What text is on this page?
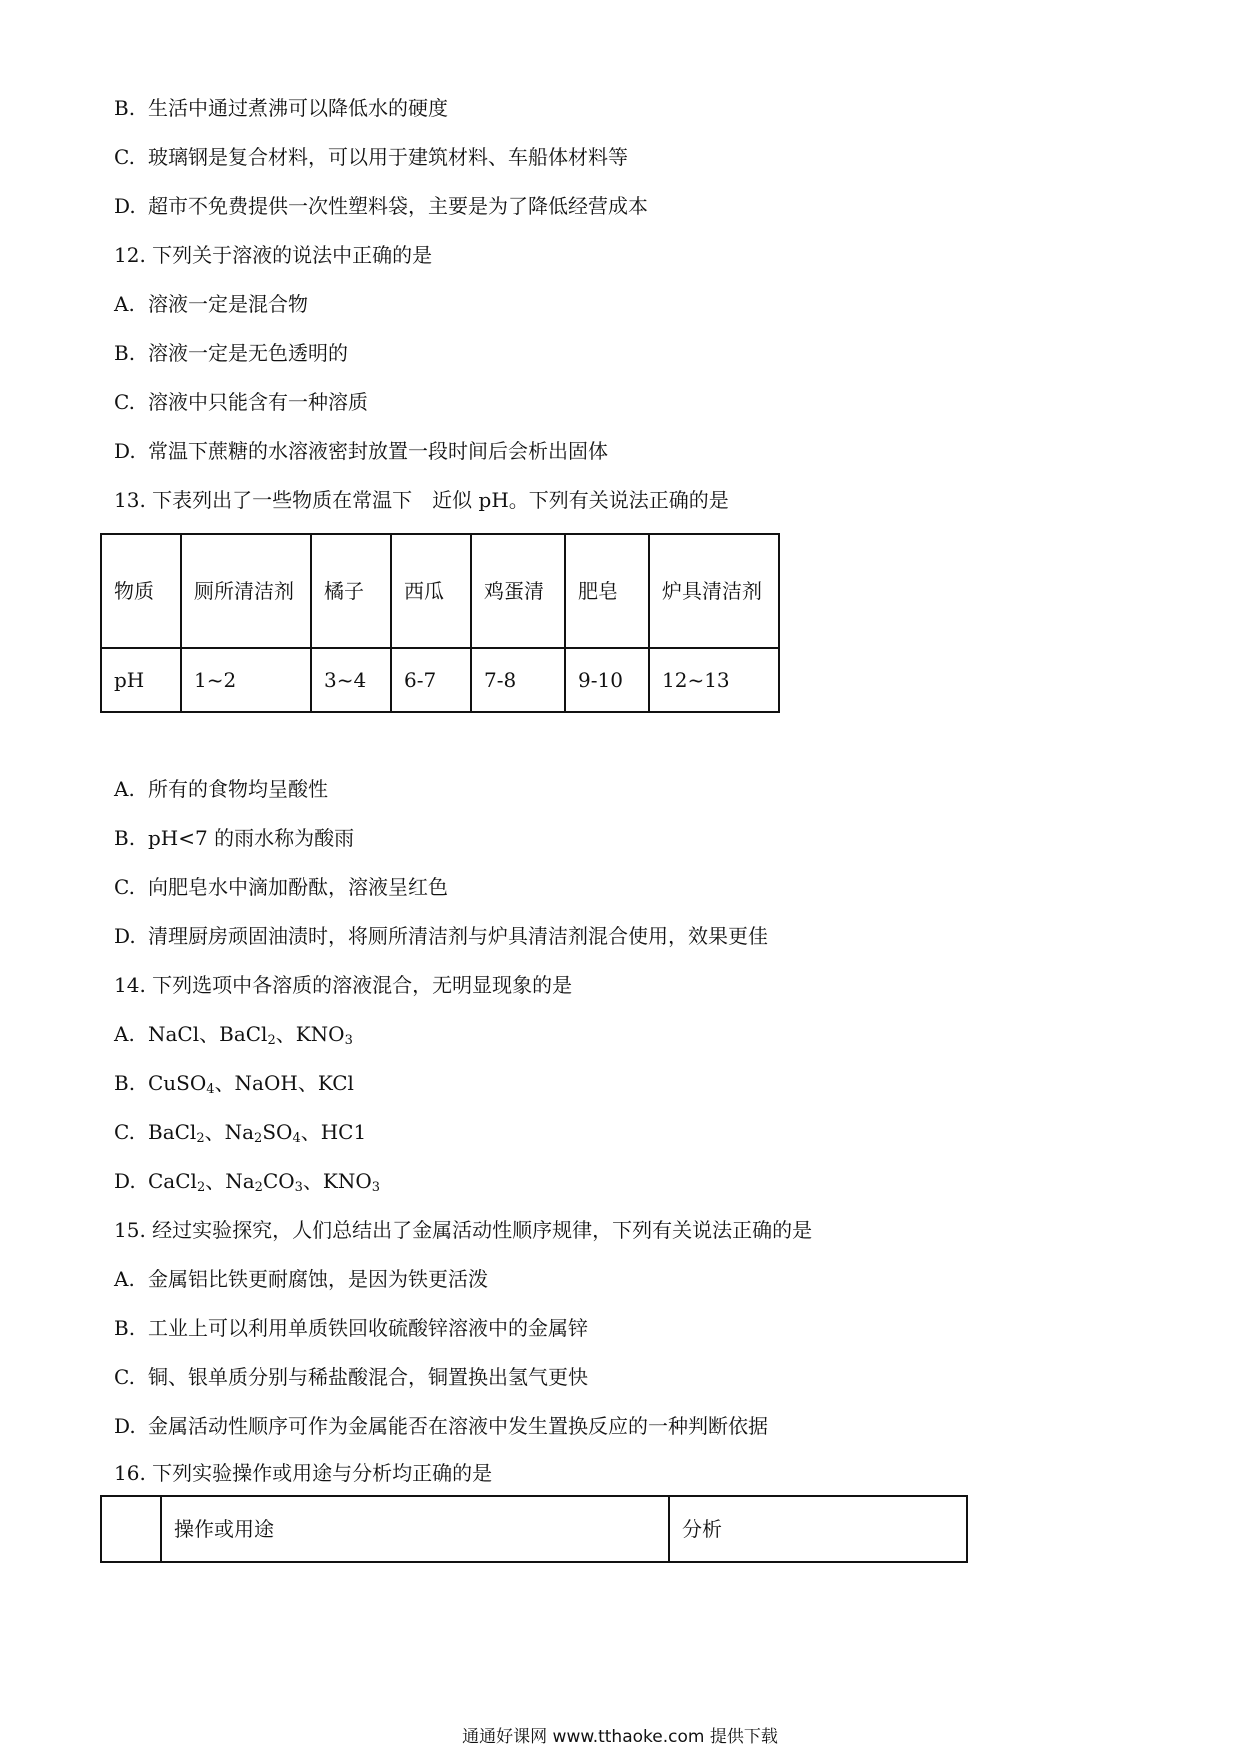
B. 生活中通过煮沸可以降低水的硬度
C. 玻璃钢是复合材料，可以用于建筑材料、车船体材料等
D. 超市不免费提供一次性塑料袋，主要是为了降低经营成本
12. 下列关于溶液的说法中正确的是
A. 溶液一定是混合物
B. 溶液一定是无色透明的
C. 溶液中只能含有一种溶质
D. 常温下蔗糖的水溶液密封放置一段时间后会析出固体
13. 下表列出了一些物质在常温下　近似 pH。下列有关说法正确的是
物质	厕所清洁剂	橘子	西瓜	鸡蛋清	肥皂	炉具清洁剂
pH	1~2	3~4	6-7	7-8	9-10	12~13
A. 所有的食物均呈酸性
B. pH<7 的雨水称为酸雨
C. 向肥皂水中滴加酚酞，溶液呈红色
D. 清理厨房顽固油渍时，将厕所清洁剂与炉具清洁剂混合使用，效果更佳
14. 下列选项中各溶质的溶液混合，无明显现象的是
A. NaCl、BaCl$_2$、$KNO_3$
B. CuSO$_4$、NaOH、KCl
C. BaCl$_2$、$Na_2SO_4$、HC1
D. CaCl$_2$、$Na_2CO_3$、$KNO_3$
15. 经过实验探究，人们总结出了金属活动性顺序规律，下列有关说法正确的是
A. 金属铝比铁更耐腐蚀，是因为铁更活泼
B. 工业上可以利用单质铁回收硫酸锌溶液中的金属锌
C. 铜、银单质分别与稀盐酸混合，铜置换出氢气更快
D. 金属活动性顺序可作为金属能否在溶液中发生置换反应的一种判断依据
16. 下列实验操作或用途与分析均正确的是
	操作或用途	分析
通通好课网 www.tthaoke.com 提供下载
